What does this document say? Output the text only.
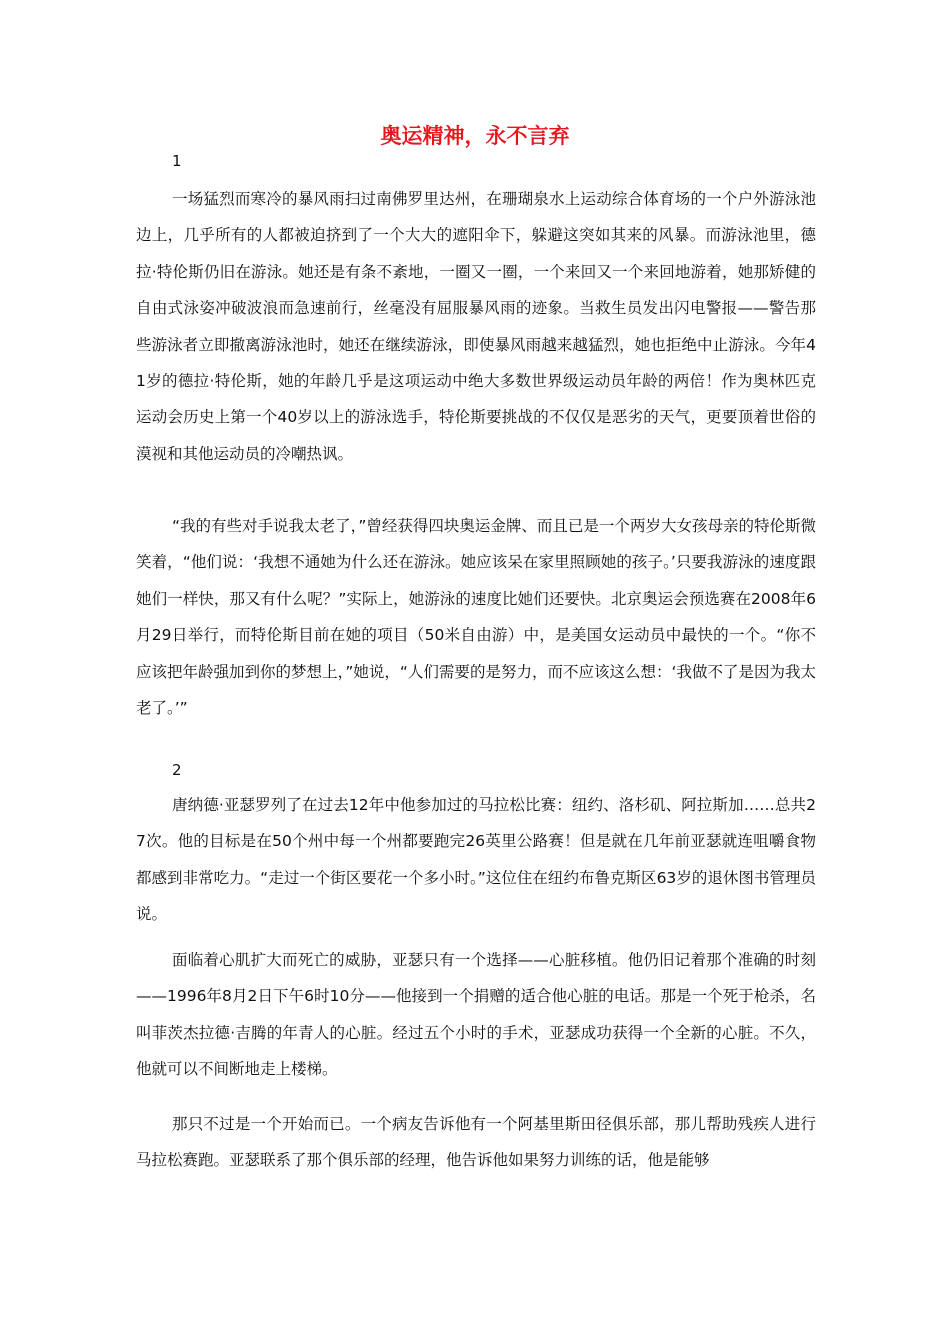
奥运精神，永不言弃
1

一场猛烈而寒冷的暴风雨扫过南佛罗里达州，在珊瑚泉水上运动综合体育场的一个户外游泳池边上，几乎所有的人都被迫挤到了一个大大的遮阳伞下，躲避这突如其来的风暴。而游泳池里，德拉·特伦斯仍旧在游泳。她还是有条不紊地，一圈又一圈，一个来回又一个来回地游着，她那矫健的自由式泳姿冲破波浪而急速前行，丝毫没有屈服暴风雨的迹象。当救生员发出闪电警报——警告那些游泳者立即撤离游泳池时，她还在继续游泳，即使暴风雨越来越猛烈，她也拒绝中止游泳。今年41岁的德拉·特伦斯，她的年龄几乎是这项运动中绝大多数世界级运动员年龄的两倍！作为奥林匹克运动会历史上第一个40岁以上的游泳选手，特伦斯要挑战的不仅仅是恶劣的天气，更要顶着世俗的漠视和其他运动员的冷嘲热讽。

“我的有些对手说我太老了，”曾经获得四块奥运金牌、而且已是一个两岁大女孩母亲的特伦斯微笑着，“他们说：‘我想不通她为什么还在游泳。她应该呆在家里照顾她的孩子。’只要我游泳的速度跟她们一样快，那又有什么呢？”实际上，她游泳的速度比她们还要快。北京奥运会预选赛在2008年6月29日举行，而特伦斯目前在她的项目（50米自由游）中，是美国女运动员中最快的一个。“你不应该把年龄强加到你的梦想上，”她说，“人们需要的是努力，而不应该这么想：‘我做不了是因为我太老了。’”

2

唐纳德·亚瑟罗列了在过去12年中他参加过的马拉松比赛：纽约、洛杉矶、阿拉斯加……总共27次。他的目标是在50个州中每一个州都要跑完26英里公路赛！但是就在几年前亚瑟就连咀嚼食物都感到非常吃力。“走过一个街区要花一个多小时。”这位住在纽约布鲁克斯区63岁的退休图书管理员说。

面临着心肌扩大而死亡的威胁，亚瑟只有一个选择——心脏移植。他仍旧记着那个准确的时刻——1996年8月2日下午6时10分——他接到一个捐赠的适合他心脏的电话。那是一个死于枪杀，名叫菲茨杰拉德·吉腾的年青人的心脏。经过五个小时的手术，亚瑟成功获得一个全新的心脏。不久，他就可以不间断地走上楼梯。

那只不过是一个开始而已。一个病友告诉他有一个阿基里斯田径俱乐部，那儿帮助残疾人进行马拉松赛跑。亚瑟联系了那个俱乐部的经理，他告诉他如果努力训练的话，他是能够
